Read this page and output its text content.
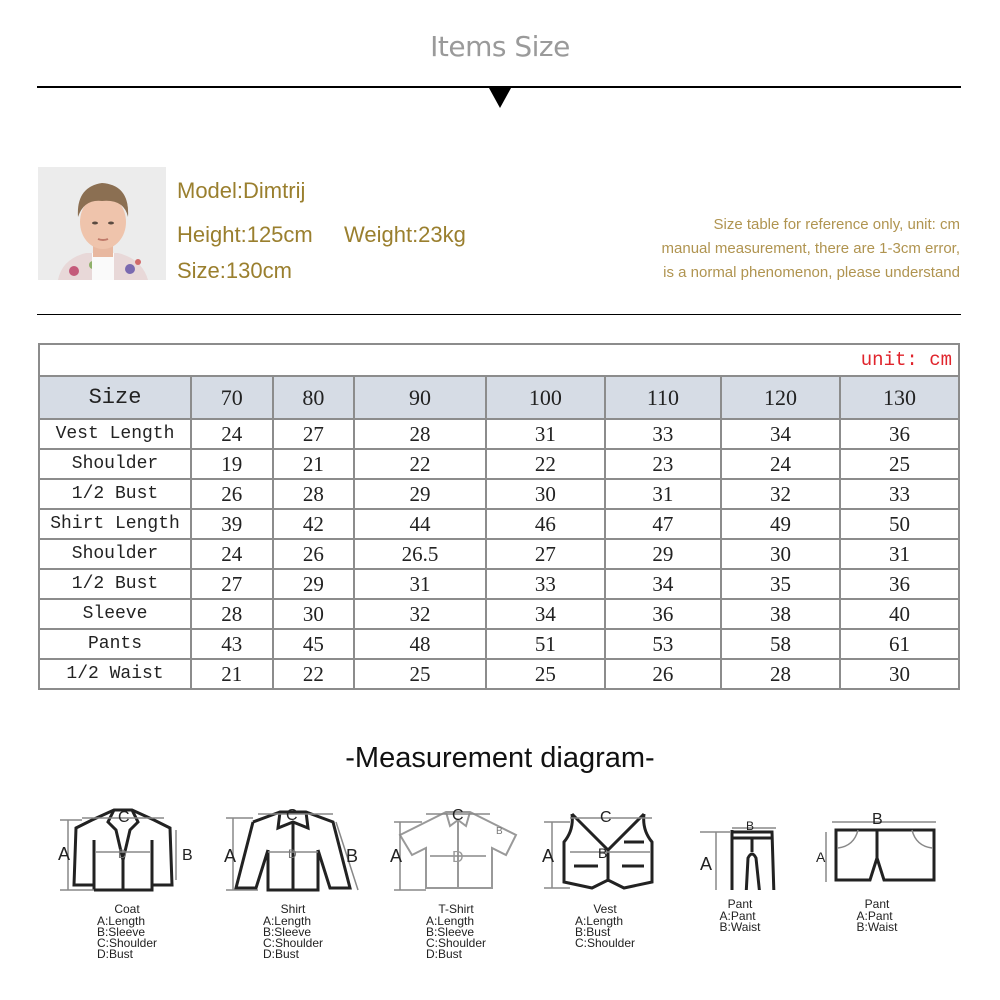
Items Size
Model:Dimtrij
Height:125cm Weight:23kg
Size:130cm
Size table for reference only, unit: cm
manual measurement, there are 1-3cm error,
is a normal phenomenon, please understand
unit: cm							
Size	70	80	90	100	110	120	130
Vest Length	24	27	28	31	33	34	36
Shoulder	19	21	22	22	23	24	25
1/2 Bust	26	28	29	30	31	32	33
Shirt Length	39	42	44	46	47	49	50
Shoulder	24	26	26.5	27	29	30	31
1/2 Bust	27	29	31	33	34	35	36
Sleeve	28	30	32	34	36	38	40
Pants	43	45	48	51	53	58	61
1/2 Waist	21	22	25	25	26	28	30
-Measurement diagram-
A	B
C
D
Coat
A:Length
B:Sleeve
C:Shoulder
D:Bust
A	B
C
D
Shirt
A:Length
B:Sleeve
C:Shoulder
D:Bust
A
B
C
D
T-Shirt
A:Length
B:Sleeve
C:Shoulder
D:Bust
A	B
C
Vest
A:Length
B:Bust
C:Shoulder
A
B
Pant
A:Pant
B:Waist
B
A
Pant
A:Pant
B:Waist
